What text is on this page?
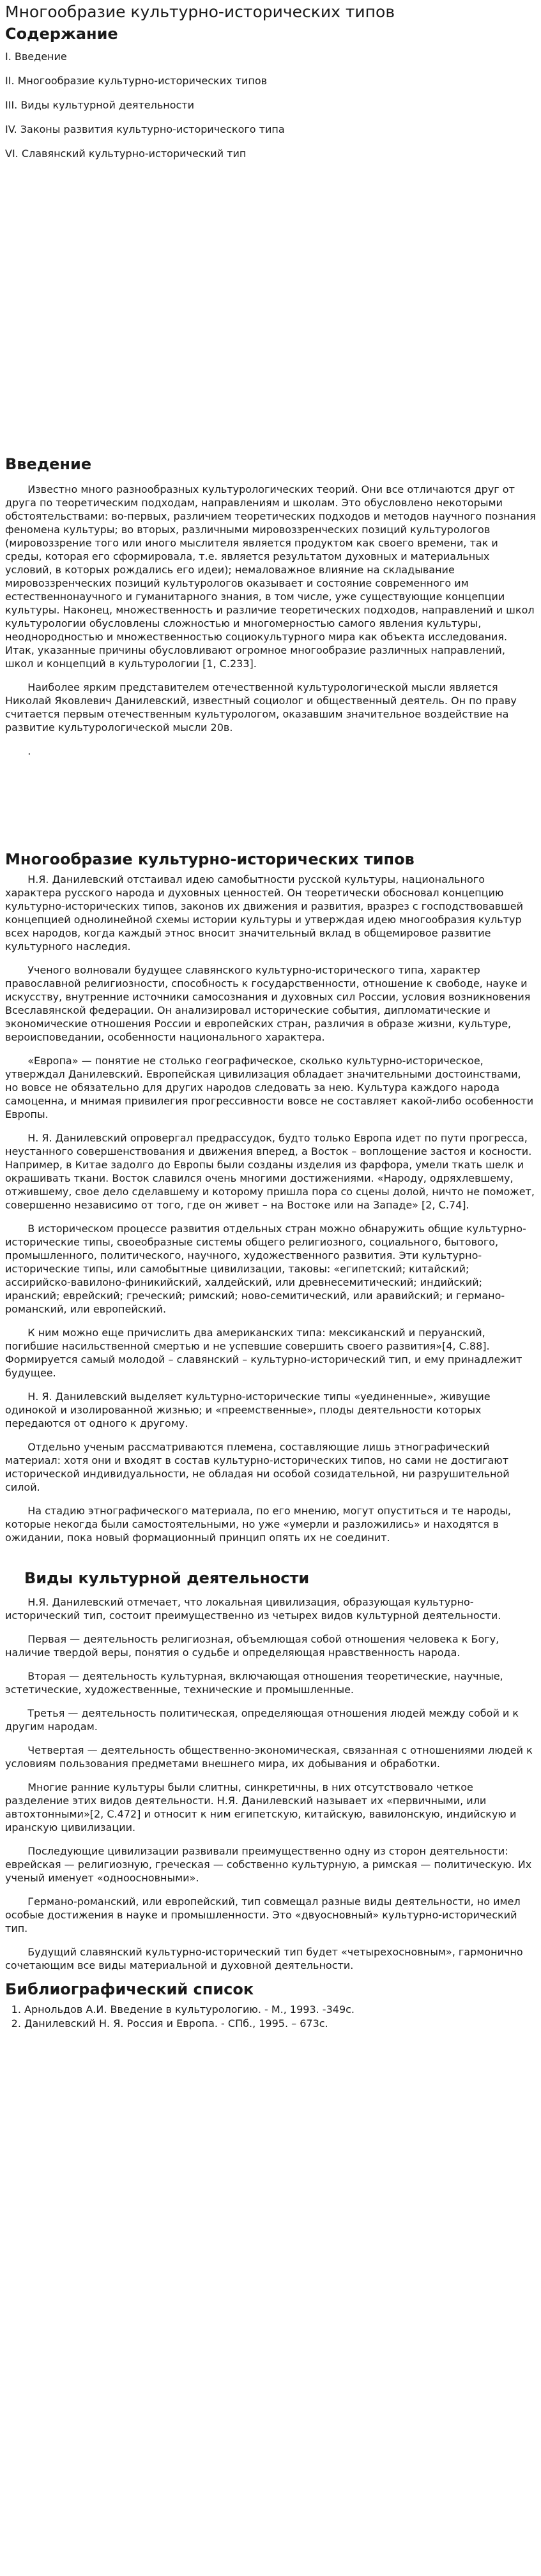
Многообразие культурно-исторических типов
Содержание

I. Введение

II. Многообразие культурно-исторических типов

III. Виды культурной деятельности

IV. Законы развития культурно-исторического типа

VI. Славянский культурно-исторический тип

Введение

Известно много разнообразных культурологических теорий. Они все отличаются друг от друга по теоретическим подходам, направлениям и школам. Это обусловлено некоторыми обстоятельствами: во-первых, различием теоретических подходов и методов научного познания феномена культуры; во вторых, различными мировоззренческих позиций культурологов (мировоззрение того или иного мыслителя является продуктом как своего времени, так и среды, которая его сформировала, т.е. является результатом духовных и материальных условий, в которых рождались его идеи); немаловажное влияние на складывание мировоззренческих позиций культурологов оказывает и состояние современного им естественнонаучного и гуманитарного знания, в том числе, уже существующие концепции культуры. Наконец, множественность и различие теоретических подходов, направлений и школ культурологии обусловлены сложностью и многомерностью самого явления культуры, неоднородностью и множественностью социокультурного мира как объекта исследования. Итак, указанные причины обусловливают огромное многообразие различных направлений, школ и концепций в культурологии [1, С.233].

Наиболее ярким представителем отечественной культурологической мысли является Николай Яковлевич Данилевский, известный социолог и общественный деятель. Он по праву считается первым отечественным культурологом, оказавшим значительное воздействие на развитие культурологической мысли 20в.

.

Многообразие культурно-исторических типов

Н.Я. Данилевский отстаивал идею самобытности русской культуры, национального характера русского народа и духовных ценностей. Он теоретически обосновал концепцию культурно-исторических типов, законов их движения и развития, вразрез с господствовавшей концепцией однолинейной схемы истории культуры и утверждая идею многообразия культур всех народов, когда каждый этнос вносит значительный вклад в общемировое развитие культурного наследия.

Ученого волновали будущее славянского культурно-исторического типа, характер православной религиозности, способность к государственности, отношение к свободе, науке и искусству, внутренние источники самосознания и духовных сил России, условия возникновения Всеславянской федерации. Он анализировал исторические события, дипломатические и экономические отношения России и европейских стран, различия в образе жизни, культуре, вероисповедании, особенности национального характера.

«Европа» — понятие не столько географическое, сколько культурно-историческое, утверждал Данилевский. Европейская цивилизация обладает значительными достоинствами, но вовсе не обязательно для других народов следовать за нею. Культура каждого народа самоценна, и мнимая привилегия прогрессивности вовсе не составляет какой-либо особенности Европы.

Н. Я. Данилевский опровергал предрассудок, будто только Европа идет по пути прогресса, неустанного совершенствования и движения вперед, а Восток – воплощение застоя и косности. Например, в Китае задолго до Европы были созданы изделия из фарфора, умели ткать шелк и окрашивать ткани. Восток славился очень многими достижениями. «Народу, одряхлевшему, отжившему, свое дело сделавшему и которому пришла пора со сцены долой, ничто не поможет, совершенно независимо от того, где он живет – на Востоке или на Западе» [2, С.74].

В историческом процессе развития отдельных стран можно обнаружить общие культурно-исторические типы, своеобразные системы общего религиозного, социального, бытового, промышленного, политического, научного, художественного развития. Эти культурно-исторические типы, или самобытные цивилизации, таковы: «египетский; китайский; ассирийско-вавилоно-финикийский, халдейский, или древнесемитический; индийский; иранский; еврейский; греческий; римский; ново-семитический, или аравийский; и германо-романский, или европейский.

К ним можно еще причислить два американских типа: мексиканский и перуанский, погибшие насильственной смертью и не успевшие совершить своего развития»[4, С.88]. Формируется самый молодой – славянский – культурно-исторический тип, и ему принадлежит будущее.

Н. Я. Данилевский выделяет культурно-исторические типы «уединенные», живущие одинокой и изолированной жизнью; и «преемственные», плоды деятельности которых передаются от одного к другому.

Отдельно ученым рассматриваются племена, составляющие лишь этнографический материал: хотя они и входят в состав культурно-исторических типов, но сами не достигают исторической индивидуальности, не обладая ни особой созидательной, ни разрушительной силой.

На стадию этнографического материала, по его мнению, могут опуститься и те народы, которые некогда были самостоятельными, но уже «умерли и разложились» и находятся в ожидании, пока новый формационный принцип опять их не соединит.

Виды культурной деятельности

Н.Я. Данилевский отмечает, что локальная цивилизация, образующая культурно-исторический тип, состоит преимущественно из четырех видов культурной деятельности.

Первая — деятельность религиозная, объемлющая собой отношения человека к Богу, наличие твердой веры, понятия о судьбе и определяющая нравственность народа.

Вторая — деятельность культурная, включающая отношения теоретические, научные, эстетические, художественные, технические и промышленные.

Третья — деятельность политическая, определяющая отношения людей между собой и к другим народам.

Четвертая — деятельность общественно-экономическая, связанная с отношениями людей к условиям пользования предметами внешнего мира, их добывания и обработки.

Многие ранние культуры были слитны, синкретичны, в них отсутствовало четкое разделение этих видов деятельности. Н.Я. Данилевский называет их «первичными, или автохтонными»[2, С.472] и относит к ним египетскую, китайскую, вавилонскую, индийскую и иранскую цивилизации.

Последующие цивилизации развивали преимущественно одну из сторон деятельности: еврейская — религиозную, греческая — собственно культурную, а римская — политическую. Их ученый именует «одноосновными».

Германо-романский, или европейский, тип совмещал разные виды деятельности, но имел особые достижения в науке и промышленности. Это «двуосновный» культурно-исторический тип.

Будущий славянский культурно-исторический тип будет «четырехосновным», гармонично сочетающим все виды материальной и духовной деятельности.

Библиографический список
1. Арнольдов А.И. Введение в культурологию. - М., 1993. -349с.
2. Данилевский Н. Я. Россия и Европа. - СПб., 1995. – 673с.
